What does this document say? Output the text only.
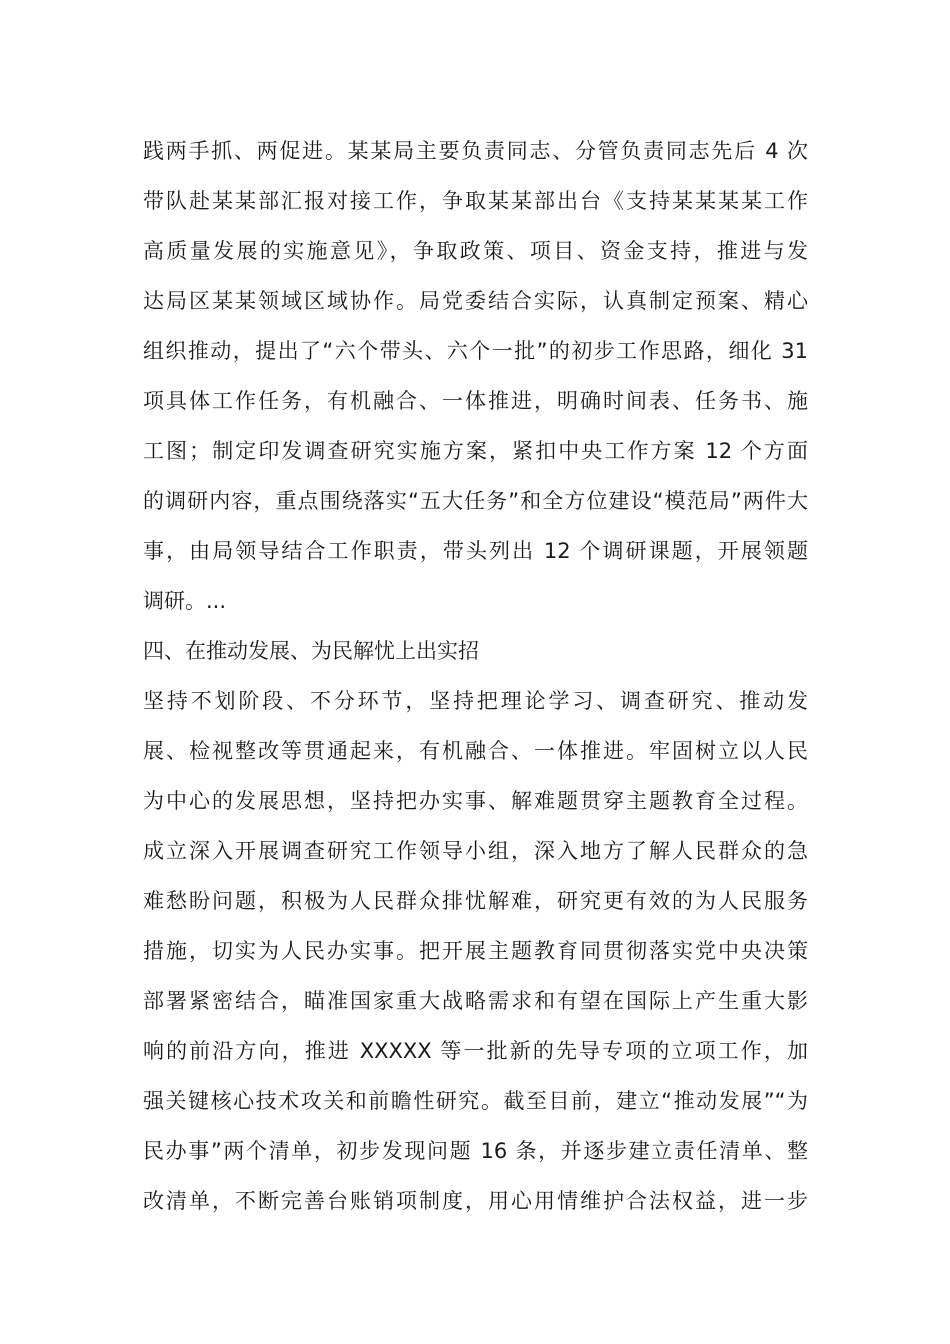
践两手抓、两促进。某某局主要负责同志、分管负责同志先后 4 次
带队赴某某部汇报对接工作，争取某某部出台《支持某某某某工作
高质量发展的实施意见》，争取政策、项目、资金支持，推进与发
达局区某某领域区域协作。局党委结合实际，认真制定预案、精心
组织推动，提出了“六个带头、六个一批”的初步工作思路，细化 31
项具体工作任务，有机融合、一体推进，明确时间表、任务书、施
工图；制定印发调查研究实施方案，紧扣中央工作方案 12 个方面
的调研内容，重点围绕落实“五大任务”和全方位建设“模范局”两件大
事，由局领导结合工作职责，带头列出 12 个调研课题，开展领题
调研。...
四、在推动发展、为民解忧上出实招
坚持不划阶段、不分环节，坚持把理论学习、调查研究、推动发
展、检视整改等贯通起来，有机融合、一体推进。牢固树立以人民
为中心的发展思想，坚持把办实事、解难题贯穿主题教育全过程。
成立深入开展调查研究工作领导小组，深入地方了解人民群众的急
难愁盼问题，积极为人民群众排忧解难，研究更有效的为人民服务
措施，切实为人民办实事。把开展主题教育同贯彻落实党中央决策
部署紧密结合，瞄准国家重大战略需求和有望在国际上产生重大影
响的前沿方向，推进 XXXXX 等一批新的先导专项的立项工作，加
强关键核心技术攻关和前瞻性研究。截至目前，建立“推动发展”“为
民办事”两个清单，初步发现问题 16 条，并逐步建立责任清单、整
改清单，不断完善台账销项制度，用心用情维护合法权益，进一步
